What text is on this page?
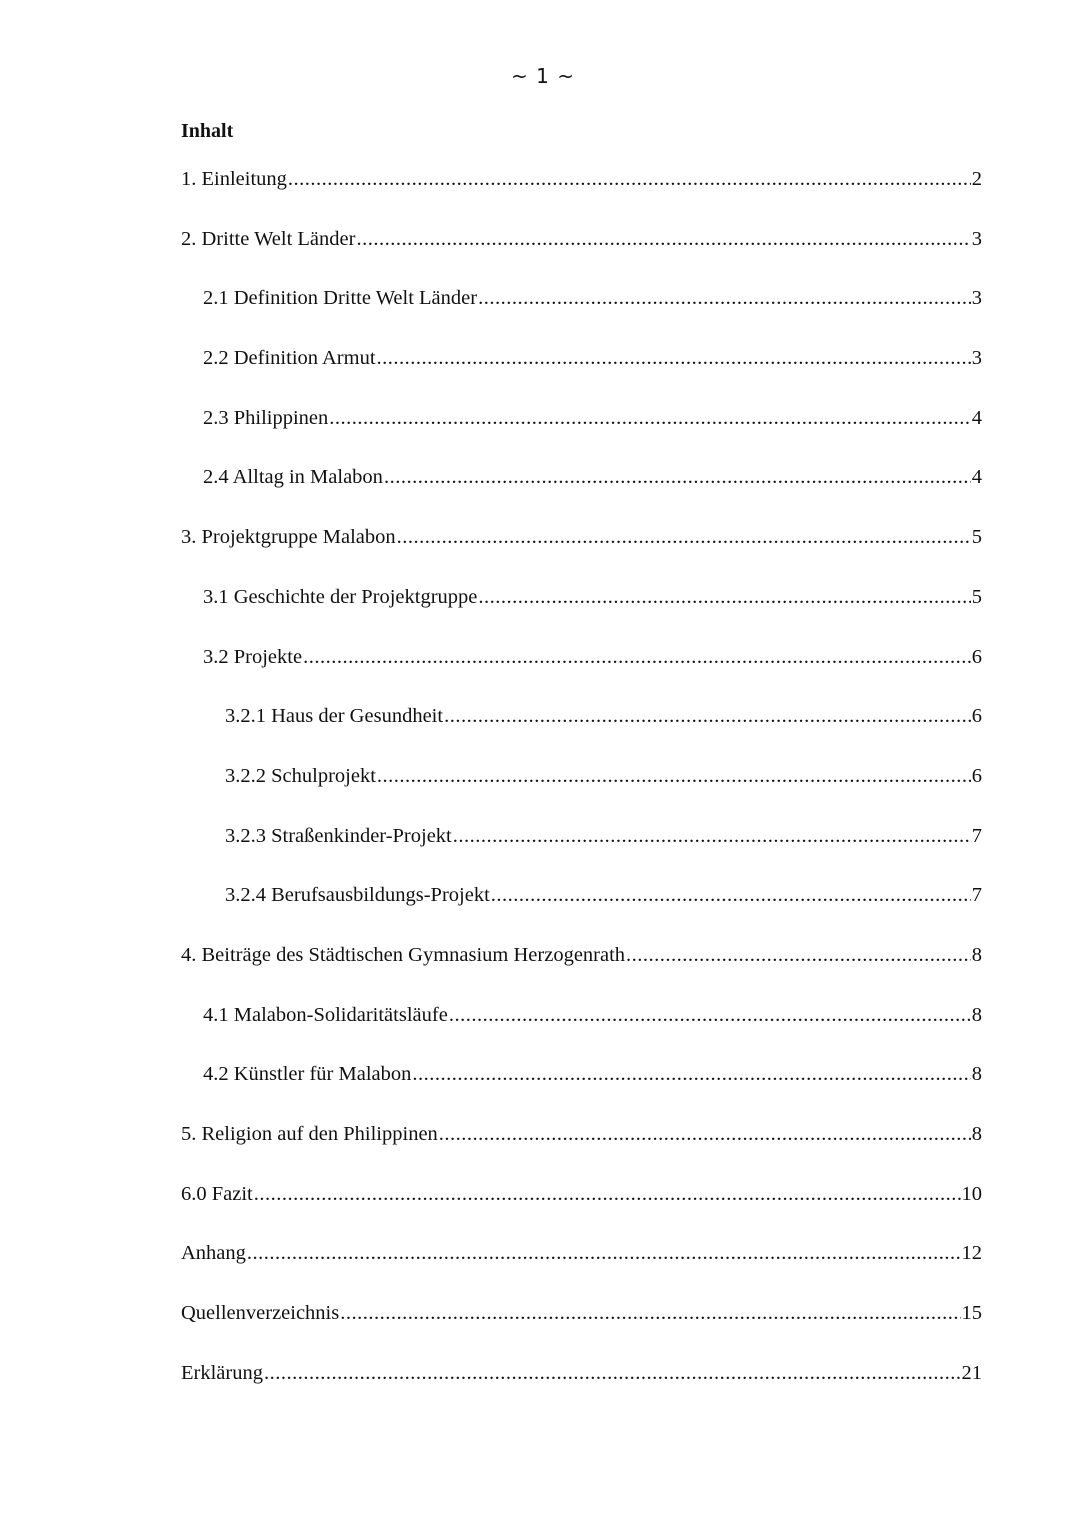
~ 1 ~
Inhalt
1. Einleitung .....	2
2. Dritte Welt Länder .....	3
2.1 Definition Dritte Welt Länder .....	3
2.2 Definition Armut .....	3
2.3 Philippinen .....	4
2.4 Alltag in Malabon .....	4
3. Projektgruppe Malabon .....	5
3.1 Geschichte der Projektgruppe .....	5
3.2 Projekte .....	6
3.2.1 Haus der Gesundheit .....	6
3.2.2 Schulprojekt .....	6
3.2.3 Straßenkinder-Projekt .....	7
3.2.4 Berufsausbildungs-Projekt .....	7
4. Beiträge des Städtischen Gymnasium Herzogenrath .....	8
4.1 Malabon-Solidaritätsläufe .....	8
4.2 Künstler für Malabon .....	8
5. Religion auf den Philippinen .....	8
6.0 Fazit .....	10
Anhang .....	12
Quellenverzeichnis .....	15
Erklärung .....	21
